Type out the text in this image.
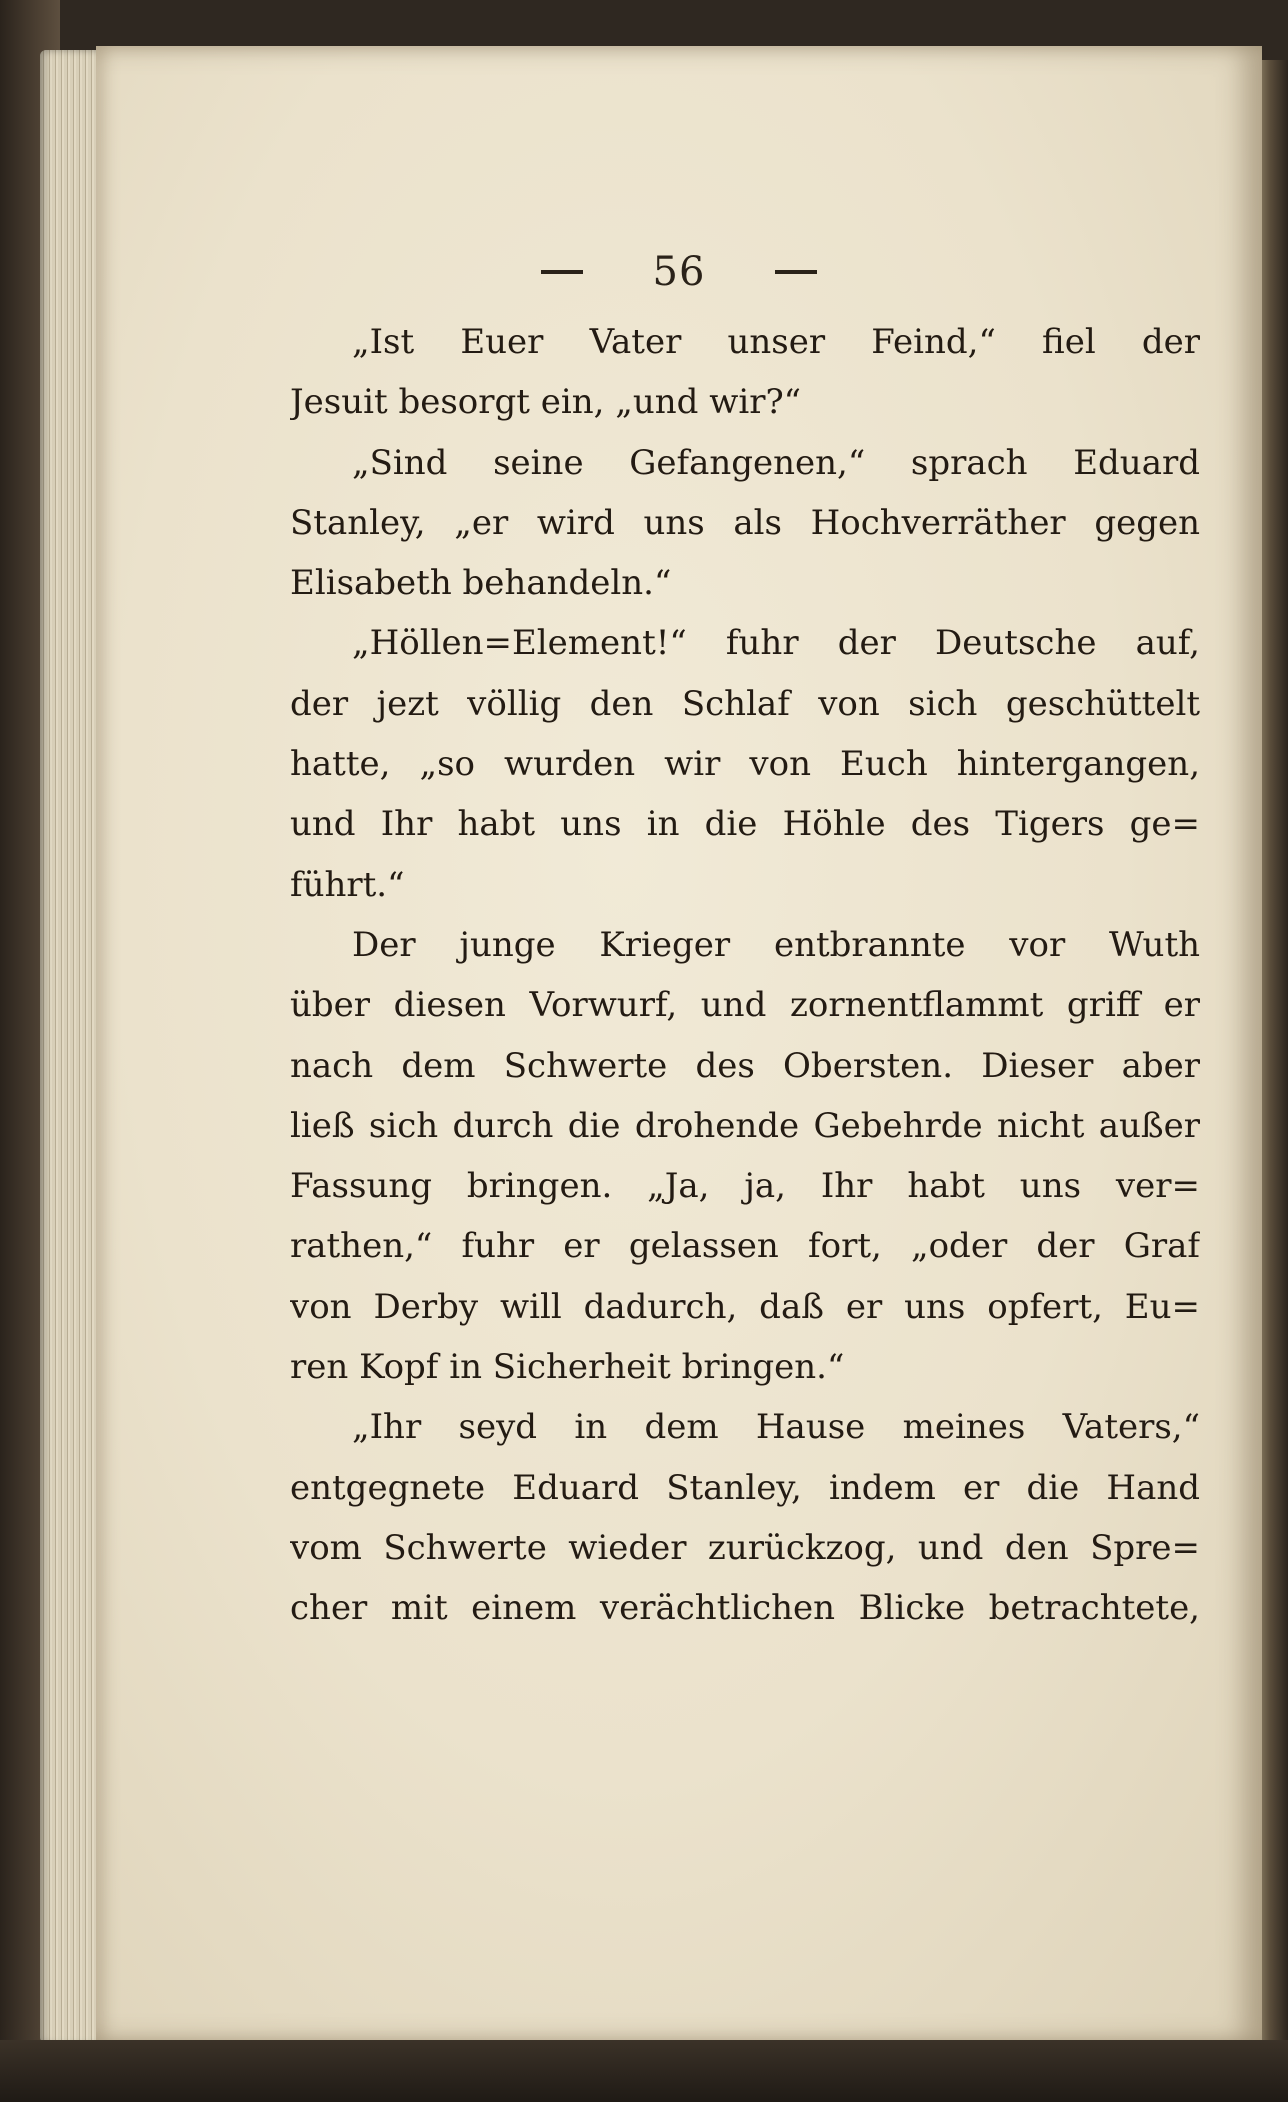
56
„Ist Euer Vater unser Feind,“ fiel der
Jesuit besorgt ein, „und wir?“
„Sind seine Gefangenen,“ sprach Eduard
Stanley, „er wird uns als Hochverräther gegen
Elisabeth behandeln.“
„Höllen=Element!“ fuhr der Deutsche auf,
der jezt völlig den Schlaf von sich geschüttelt
hatte, „so wurden wir von Euch hintergangen,
und Ihr habt uns in die Höhle des Tigers ge=
führt.“
Der junge Krieger entbrannte vor Wuth
über diesen Vorwurf, und zornentflammt griff er
nach dem Schwerte des Obersten. Dieser aber
ließ sich durch die drohende Gebehrde nicht außer
Fassung bringen. „Ja, ja, Ihr habt uns ver=
rathen,“ fuhr er gelassen fort, „oder der Graf
von Derby will dadurch, daß er uns opfert, Eu=
ren Kopf in Sicherheit bringen.“
„Ihr seyd in dem Hause meines Vaters,“
entgegnete Eduard Stanley, indem er die Hand
vom Schwerte wieder zurückzog, und den Spre=
cher mit einem verächtlichen Blicke betrachtete,
